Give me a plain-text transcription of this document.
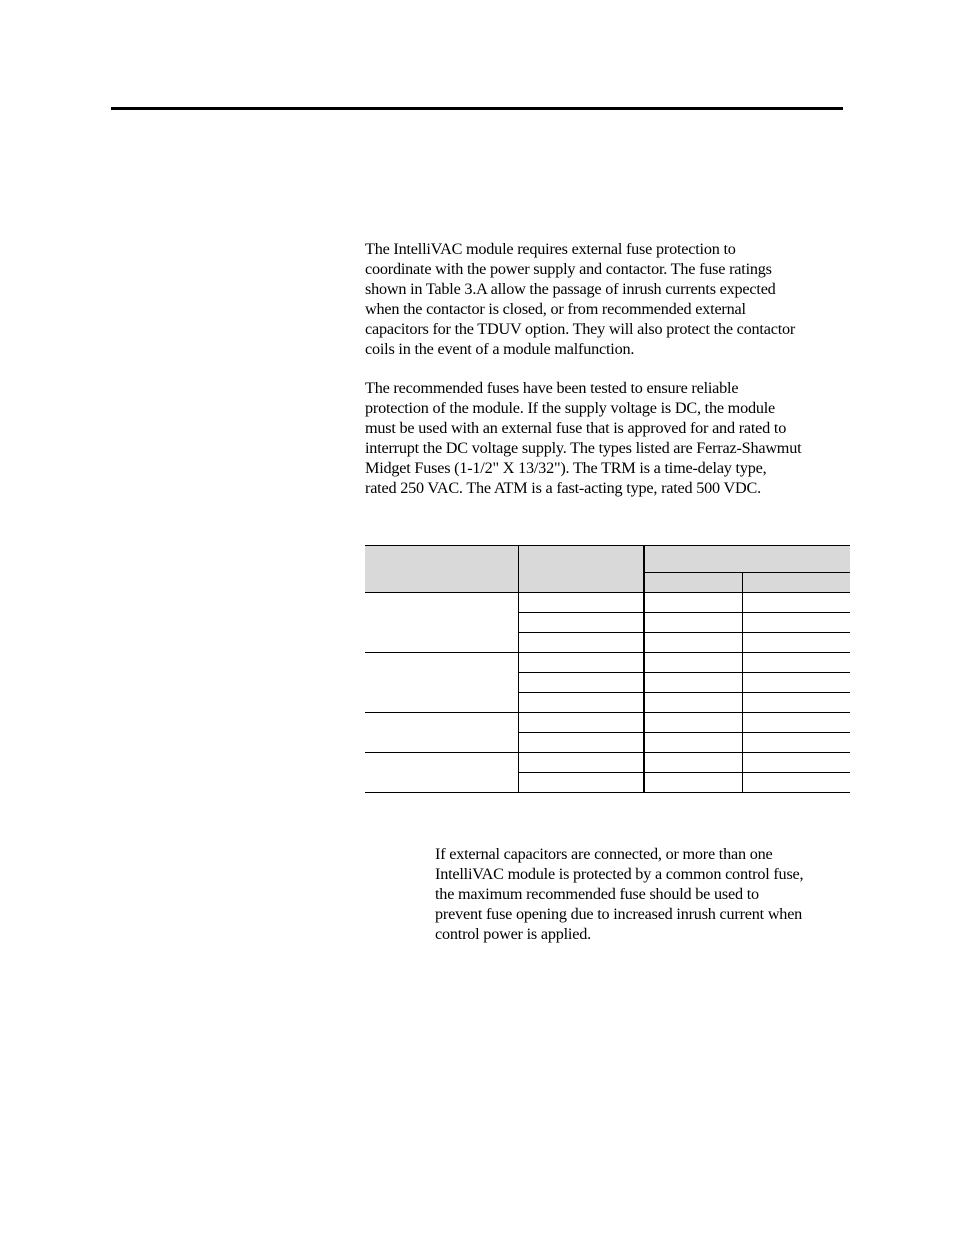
The IntelliVAC module requires external fuse protection to
coordinate with the power supply and contactor. The fuse ratings
shown in Table 3.A allow the passage of inrush currents expected
when the contactor is closed, or from recommended external
capacitors for the TDUV option. They will also protect the contactor
coils in the event of a module malfunction.

The recommended fuses have been tested to ensure reliable
protection of the module. If the supply voltage is DC, the module
must be used with an external fuse that is approved for and rated to
interrupt the DC voltage supply. The types listed are Ferraz-Shawmut
Midget Fuses (1-1/2" X 13/32"). The TRM is a time-delay type,
rated 250 VAC. The ATM is a fast-acting type, rated 500 VDC.

If external capacitors are connected, or more than one
IntelliVAC module is protected by a common control fuse,
the maximum recommended fuse should be used to
prevent fuse opening due to increased inrush current when
control power is applied.
